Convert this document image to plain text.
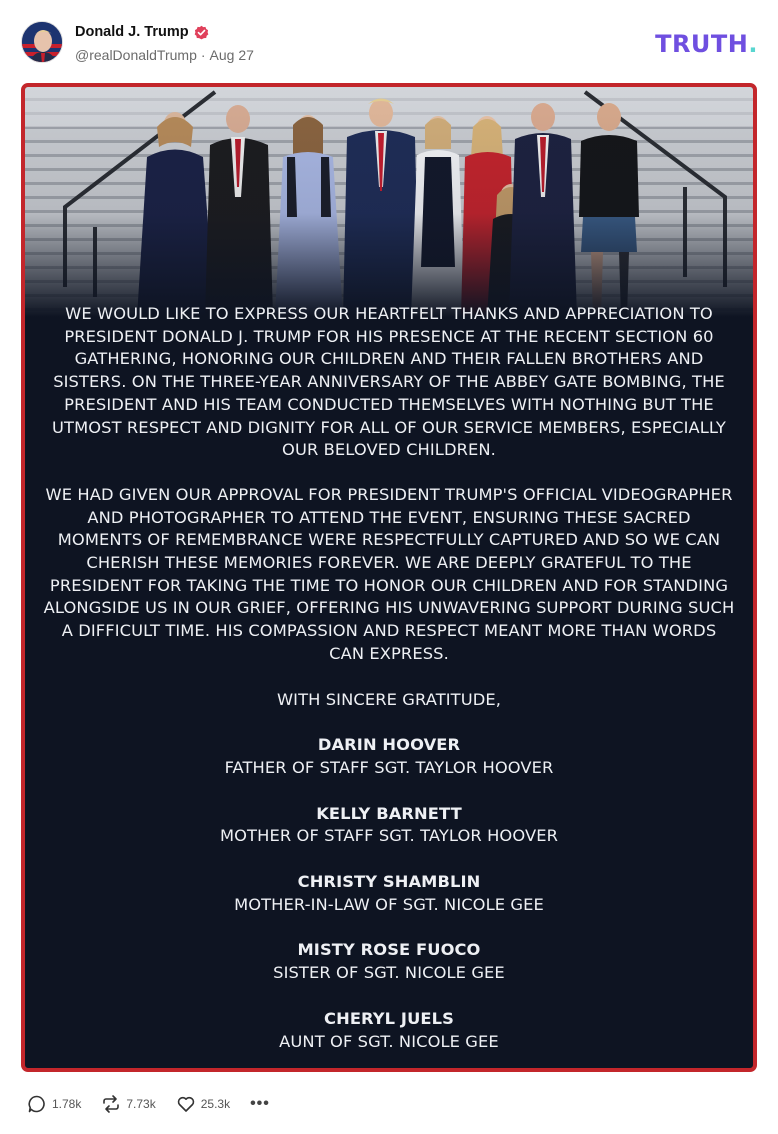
Donald J. Trump
@realDonaldTrump · Aug 27	TRUTH.

WE WOULD LIKE TO EXPRESS OUR HEARTFELT THANKS AND APPRECIATION TO PRESIDENT DONALD J. TRUMP FOR HIS PRESENCE AT THE RECENT SECTION 60 GATHERING, HONORING OUR CHILDREN AND THEIR FALLEN BROTHERS AND SISTERS. ON THE THREE-YEAR ANNIVERSARY OF THE ABBEY GATE BOMBING, THE PRESIDENT AND HIS TEAM CONDUCTED THEMSELVES WITH NOTHING BUT THE UTMOST RESPECT AND DIGNITY FOR ALL OF OUR SERVICE MEMBERS, ESPECIALLY OUR BELOVED CHILDREN.

WE HAD GIVEN OUR APPROVAL FOR PRESIDENT TRUMP'S OFFICIAL VIDEOGRAPHER AND PHOTOGRAPHER TO ATTEND THE EVENT, ENSURING THESE SACRED MOMENTS OF REMEMBRANCE WERE RESPECTFULLY CAPTURED AND SO WE CAN CHERISH THESE MEMORIES FOREVER. WE ARE DEEPLY GRATEFUL TO THE PRESIDENT FOR TAKING THE TIME TO HONOR OUR CHILDREN AND FOR STANDING ALONGSIDE US IN OUR GRIEF, OFFERING HIS UNWAVERING SUPPORT DURING SUCH A DIFFICULT TIME. HIS COMPASSION AND RESPECT MEANT MORE THAN WORDS CAN EXPRESS.

WITH SINCERE GRATITUDE,

DARIN HOOVER
FATHER OF STAFF SGT. TAYLOR HOOVER
KELLY BARNETT
MOTHER OF STAFF SGT. TAYLOR HOOVER
CHRISTY SHAMBLIN
MOTHER-IN-LAW OF SGT. NICOLE GEE
MISTY ROSE FUOCO
SISTER OF SGT. NICOLE GEE
CHERYL JUELS
AUNT OF SGT. NICOLE GEE
1.78k	7.73k	25.3k •••
